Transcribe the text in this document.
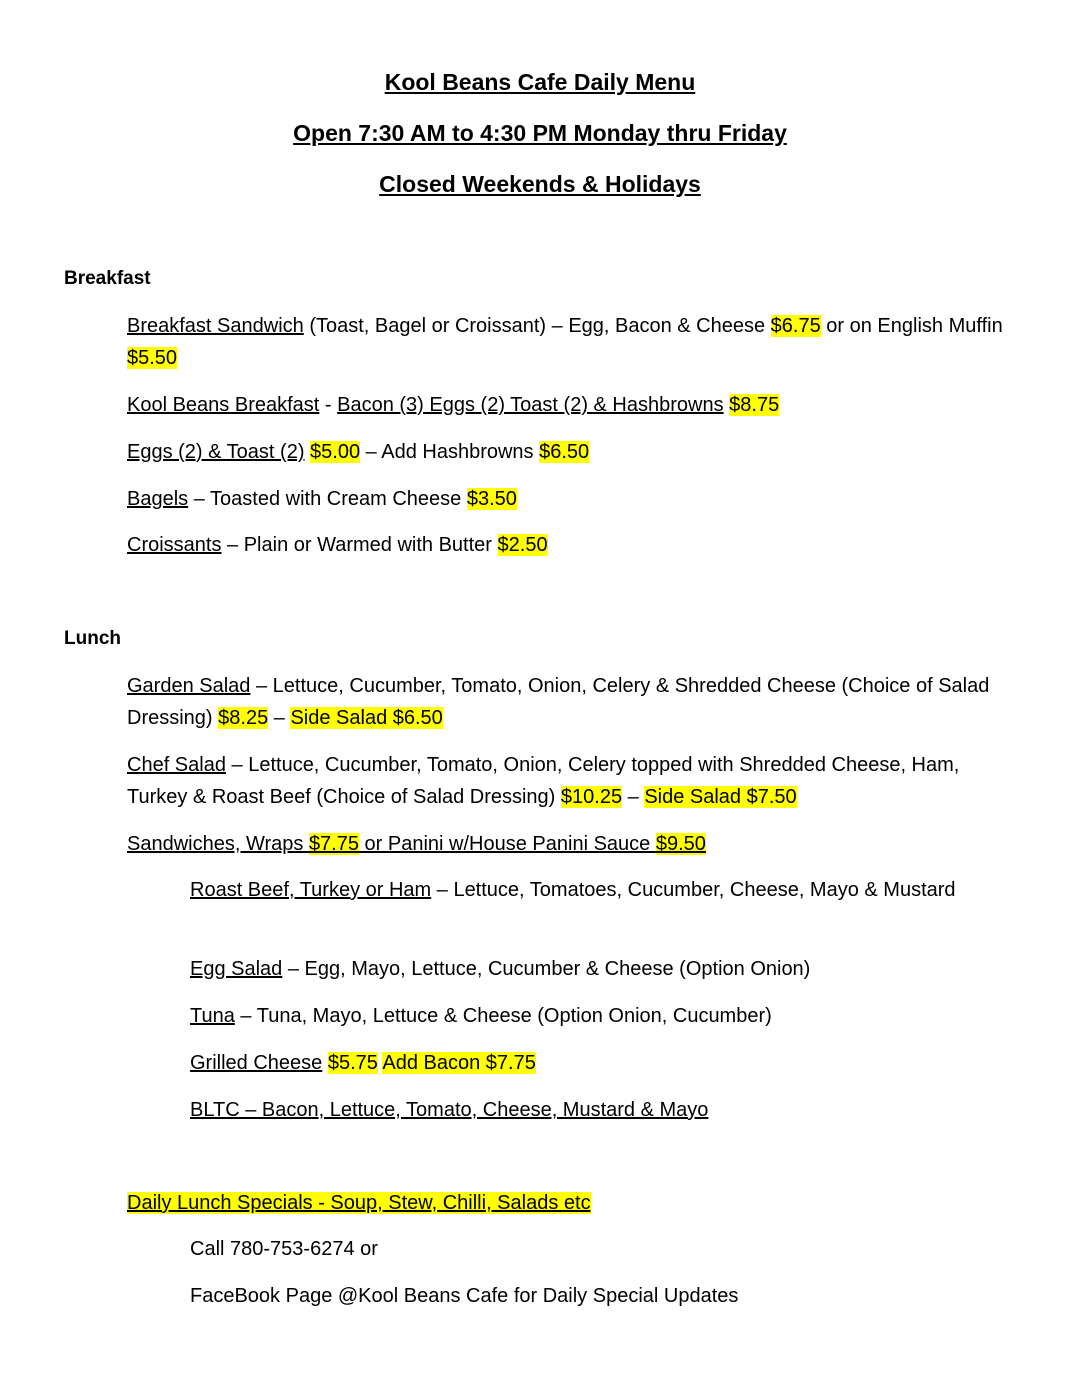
Kool Beans Cafe Daily Menu
Open 7:30 AM to 4:30 PM Monday thru Friday
Closed Weekends & Holidays
Breakfast
Breakfast Sandwich (Toast, Bagel or Croissant) – Egg, Bacon & Cheese $6.75 or on English Muffin $5.50
Kool Beans Breakfast - Bacon (3) Eggs (2) Toast (2) & Hashbrowns $8.75
Eggs (2) & Toast (2) $5.00 – Add Hashbrowns $6.50
Bagels – Toasted with Cream Cheese $3.50
Croissants – Plain or Warmed with Butter $2.50
Lunch
Garden Salad – Lettuce, Cucumber, Tomato, Onion, Celery & Shredded Cheese (Choice of Salad Dressing) $8.25 – Side Salad $6.50
Chef Salad – Lettuce, Cucumber, Tomato, Onion, Celery topped with Shredded Cheese, Ham, Turkey & Roast Beef (Choice of Salad Dressing) $10.25 – Side Salad $7.50
Sandwiches, Wraps $7.75 or Panini w/House Panini Sauce $9.50
Roast Beef, Turkey or Ham – Lettuce, Tomatoes, Cucumber, Cheese, Mayo & Mustard
Egg Salad – Egg, Mayo, Lettuce, Cucumber & Cheese (Option Onion)
Tuna – Tuna, Mayo, Lettuce & Cheese (Option Onion, Cucumber)
Grilled Cheese $5.75 Add Bacon $7.75
BLTC – Bacon, Lettuce, Tomato, Cheese, Mustard & Mayo
Daily Lunch Specials - Soup, Stew, Chilli, Salads etc
Call 780-753-6274 or
FaceBook Page @Kool Beans Cafe for Daily Special Updates
